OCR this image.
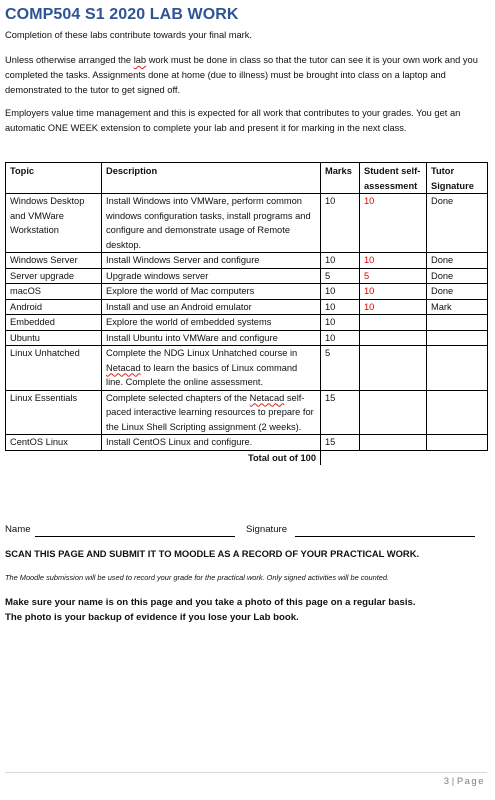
COMP504 S1 2020 LAB WORK

Completion of these labs contribute towards your final mark.

Unless otherwise arranged the lab work must be done in class so that the tutor can see it is your own work and you completed the tasks. Assignments done at home (due to illness) must be brought into class on a laptop and demonstrated to the tutor to get signed off.

Employers value time management and this is expected for all work that contributes to your grades. You get an automatic ONE WEEK extension to complete your lab and present it for marking in the next class.

Topic	Description	Marks	Student self-assessment	Tutor Signature
Windows Desktop and VMWare Workstation	Install Windows into VMWare, perform common windows configuration tasks, install programs and configure and demonstrate usage of Remote desktop.	10	10	Done
Windows Server	Install Windows Server and configure	10	10	Done
Server upgrade	Upgrade windows server	5	5	Done
macOS	Explore the world of Mac computers	10	10	Done
Android	Install and use an Android emulator	10	10	Mark
Embedded	Explore the world of embedded systems	10		
Ubuntu	Install Ubuntu into VMWare and configure	10		
Linux Unhatched	Complete the NDG Linux Unhatched course in Netacad to learn the basics of Linux command line. Complete the online assessment.	5		
Linux Essentials	Complete selected chapters of the Netacad self-paced interactive learning resources to prepare for the Linux Shell Scripting assignment (2 weeks).	15		
CentOS Linux	Install CentOS Linux and configure.	15		
	Total out of 100			
Name	Signature
SCAN THIS PAGE AND SUBMIT IT TO MOODLE AS A RECORD OF YOUR PRACTICAL WORK.
The Moodle submission will be used to record your grade for the practical work. Only signed activities will be counted.
Make sure your name is on this page and you take a photo of this page on a regular basis.
The photo is your backup of evidence if you lose your Lab book.
3 | Page
